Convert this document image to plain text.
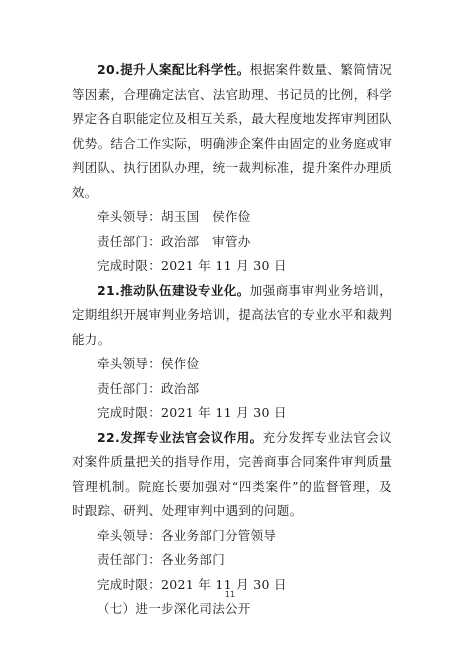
20.提升人案配比科学性。根据案件数量、繁简情况等因素，合理确定法官、法官助理、书记员的比例，科学界定各自职能定位及相互关系，最大程度地发挥审判团队优势。结合工作实际，明确涉企案件由固定的业务庭或审判团队、执行团队办理，统一裁判标准，提升案件办理质效。

牵头领导：胡玉国　侯作俭

责任部门：政治部　审管办

完成时限：2021 年 11 月 30 日

21.推动队伍建设专业化。加强商事审判业务培训，定期组织开展审判业务培训，提高法官的专业水平和裁判能力。

牵头领导：侯作俭

责任部门：政治部

完成时限：2021 年 11 月 30 日

22.发挥专业法官会议作用。充分发挥专业法官会议对案件质量把关的指导作用，完善商事合同案件审判质量管理机制。院庭长要加强对“四类案件”的监督管理，及时跟踪、研判、处理审判中遇到的问题。

牵头领导：各业务部门分管领导

责任部门：各业务部门

完成时限：2021 年 11 月 30 日

（七）进一步深化司法公开

11
